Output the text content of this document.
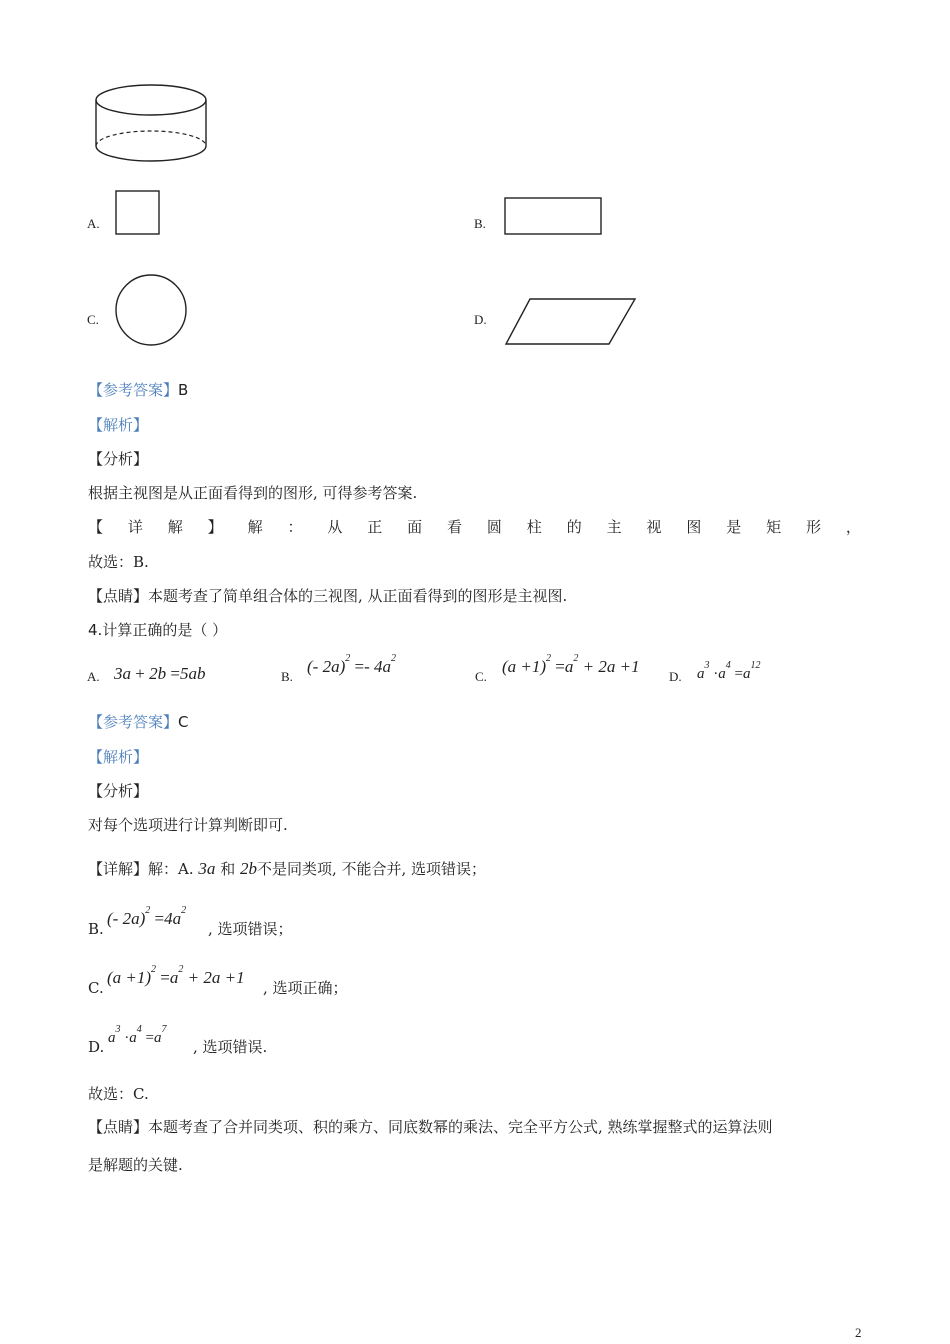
A.	B.
C.	D.
【参考答案】B
【解析】
【分析】
根据主视图是从正面看得到的图形, 可得参考答案.
【 详 解 】 解 ： 从 正 面 看 圆 柱 的 主 视 图 是 矩 形 ，
故选：B.
【点睛】本题考查了简单组合体的三视图, 从正面看得到的图形是主视图.
4.计算正确的是（ ）
A. 3a + 2b =5ab	B.
(- $2a)^2 =- 4a^2$
C.
$(a +1)^2 =a^2 + 2a +1$
D. $a^3 \cdot a^4 =a^{12}$
【参考答案】C
【解析】
【分析】
对每个选项进行计算判断即可.
【详解】解：A. 3a 和 2b不是同类项, 不能合并, 选项错误；
B.
(- $2a)^2 =4a^2$
, 选项错误；
C.
$(a +1)^2 =a^2 + 2a +1$
, 选项正确；
D. $a^3 \cdot a^4 =a^7$
, 选项错误.
故选：C.
【点睛】本题考查了合并同类项、积的乘方、同底数幂的乘法、完全平方公式, 熟练掌握整式的运算法则
是解题的关键.
2
